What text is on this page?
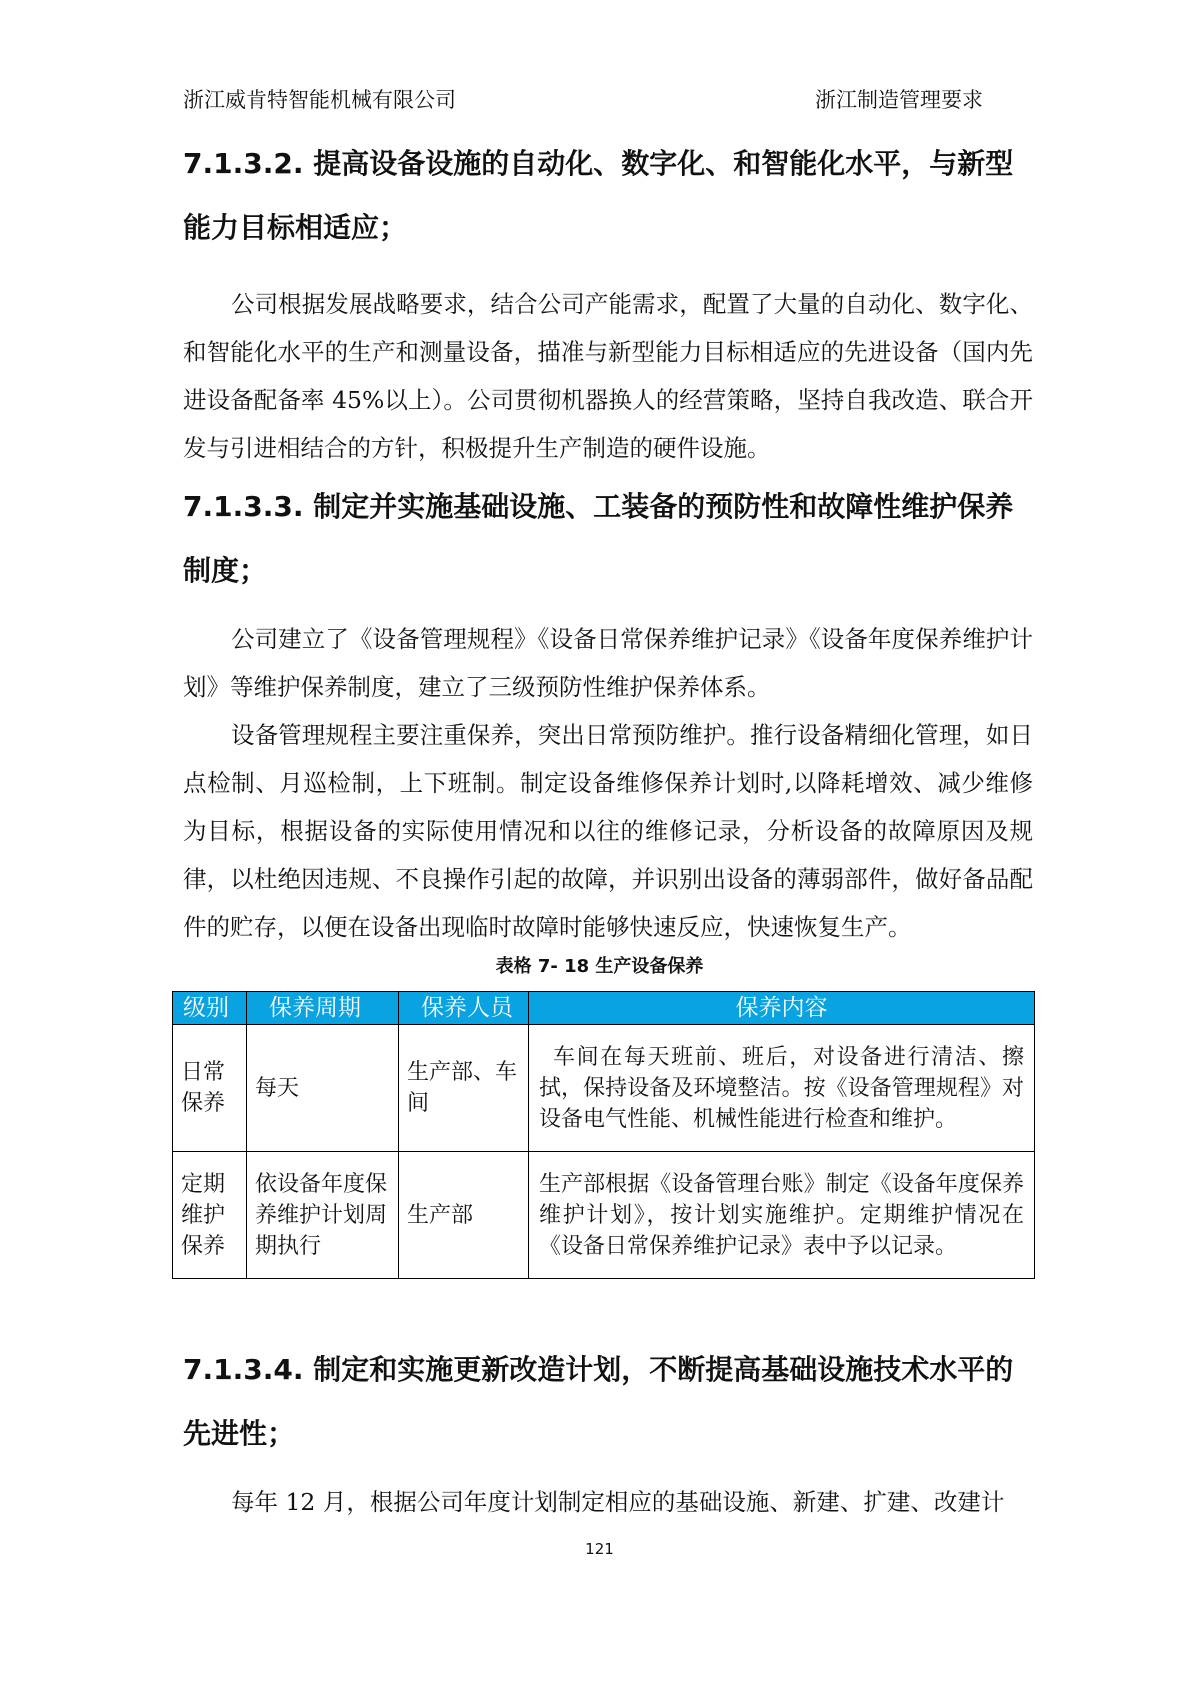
浙江威肯特智能机械有限公司	浙江制造管理要求
7.1.3.2. 提高设备设施的自动化、数字化、和智能化水平，与新型能力目标相适应；

公司根据发展战略要求，结合公司产能需求，配置了大量的自动化、数字化、和智能化水平的生产和测量设备，描准与新型能力目标相适应的先进设备（国内先进设备配备率 45%以上）。公司贯彻机器换人的经营策略，坚持自我改造、联合开发与引进相结合的方针，积极提升生产制造的硬件设施。

7.1.3.3. 制定并实施基础设施、工装备的预防性和故障性维护保养制度；

公司建立了《设备管理规程》《设备日常保养维护记录》《设备年度保养维护计划》等维护保养制度，建立了三级预防性维护保养体系。

设备管理规程主要注重保养，突出日常预防维护。推行设备精细化管理，如日点检制、月巡检制，上下班制。制定设备维修保养计划时,以降耗增效、减少维修为目标，根据设备的实际使用情况和以往的维修记录，分析设备的故障原因及规律，以杜绝因违规、不良操作引起的故障，并识别出设备的薄弱部件，做好备品配件的贮存，以便在设备出现临时故障时能够快速反应，快速恢复生产。

表格 7- 18 生产设备保养
级别	保养周期	保养人员	保养内容
日常保养	每天	生产部、车间	车间在每天班前、班后，对设备进行清洁、擦拭，保持设备及环境整洁。按《设备管理规程》对设备电气性能、机械性能进行检查和维护。
定期维护保养	依设备年度保养维护计划周期执行	生产部	生产部根据《设备管理台账》制定《设备年度保养维护计划》，按计划实施维护。定期维护情况在《设备日常保养维护记录》表中予以记录。
7.1.3.4. 制定和实施更新改造计划，不断提高基础设施技术水平的先进性；

每年 12 月，根据公司年度计划制定相应的基础设施、新建、扩建、改建计

121
